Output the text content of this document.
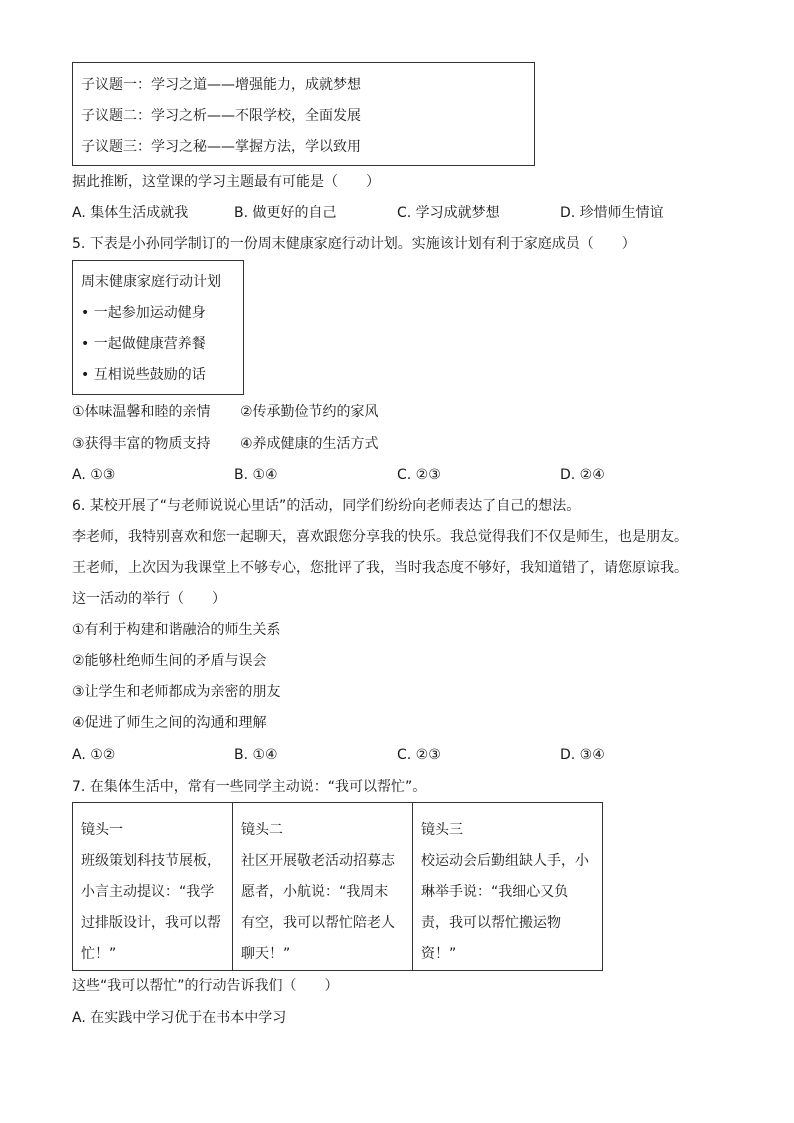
子议题一：学习之道——增强能力，成就梦想
子议题二：学习之析——不限学校，全面发展
子议题三：学习之秘——掌握方法，学以致用
据此推断，这堂课的学习主题最有可能是（　　）
A. 集体生活成就我	B. 做更好的自己	C. 学习成就梦想	D. 珍惜师生情谊
5. 下表是小孙同学制订的一份周末健康家庭行动计划。实施该计划有利于家庭成员（　　）
周末健康家庭行动计划
• 一起参加运动健身
• 一起做健康营养餐
• 互相说些鼓励的话
①体味温馨和睦的亲情 ②传承勤俭节约的家风
③获得丰富的物质支持 ④养成健康的生活方式
A. ①③	B. ①④	C. ②③	D. ②④
6. 某校开展了“与老师说说心里话”的活动，同学们纷纷向老师表达了自己的想法。
李老师，我特别喜欢和您一起聊天，喜欢跟您分享我的快乐。我总觉得我们不仅是师生，也是朋友。
王老师，上次因为我课堂上不够专心，您批评了我，当时我态度不够好，我知道错了，请您原谅我。
这一活动的举行（　　）
①有利于构建和谐融洽的师生关系
②能够杜绝师生间的矛盾与误会
③让学生和老师都成为亲密的朋友
④促进了师生之间的沟通和理解
A. ①②	B. ①④	C. ②③	D. ③④
7. 在集体生活中，常有一些同学主动说：“我可以帮忙”。
镜头一
班级策划科技节展板，
小言主动提议：“我学
过排版设计，我可以帮
忙！”

镜头二
社区开展敬老活动招募志
愿者，小航说：“我周末
有空，我可以帮忙陪老人
聊天！”

镜头三
校运动会后勤组缺人手，小
琳举手说：“我细心又负
责，我可以帮忙搬运物
资！”
这些“我可以帮忙”的行动告诉我们（　　）
A. 在实践中学习优于在书本中学习
